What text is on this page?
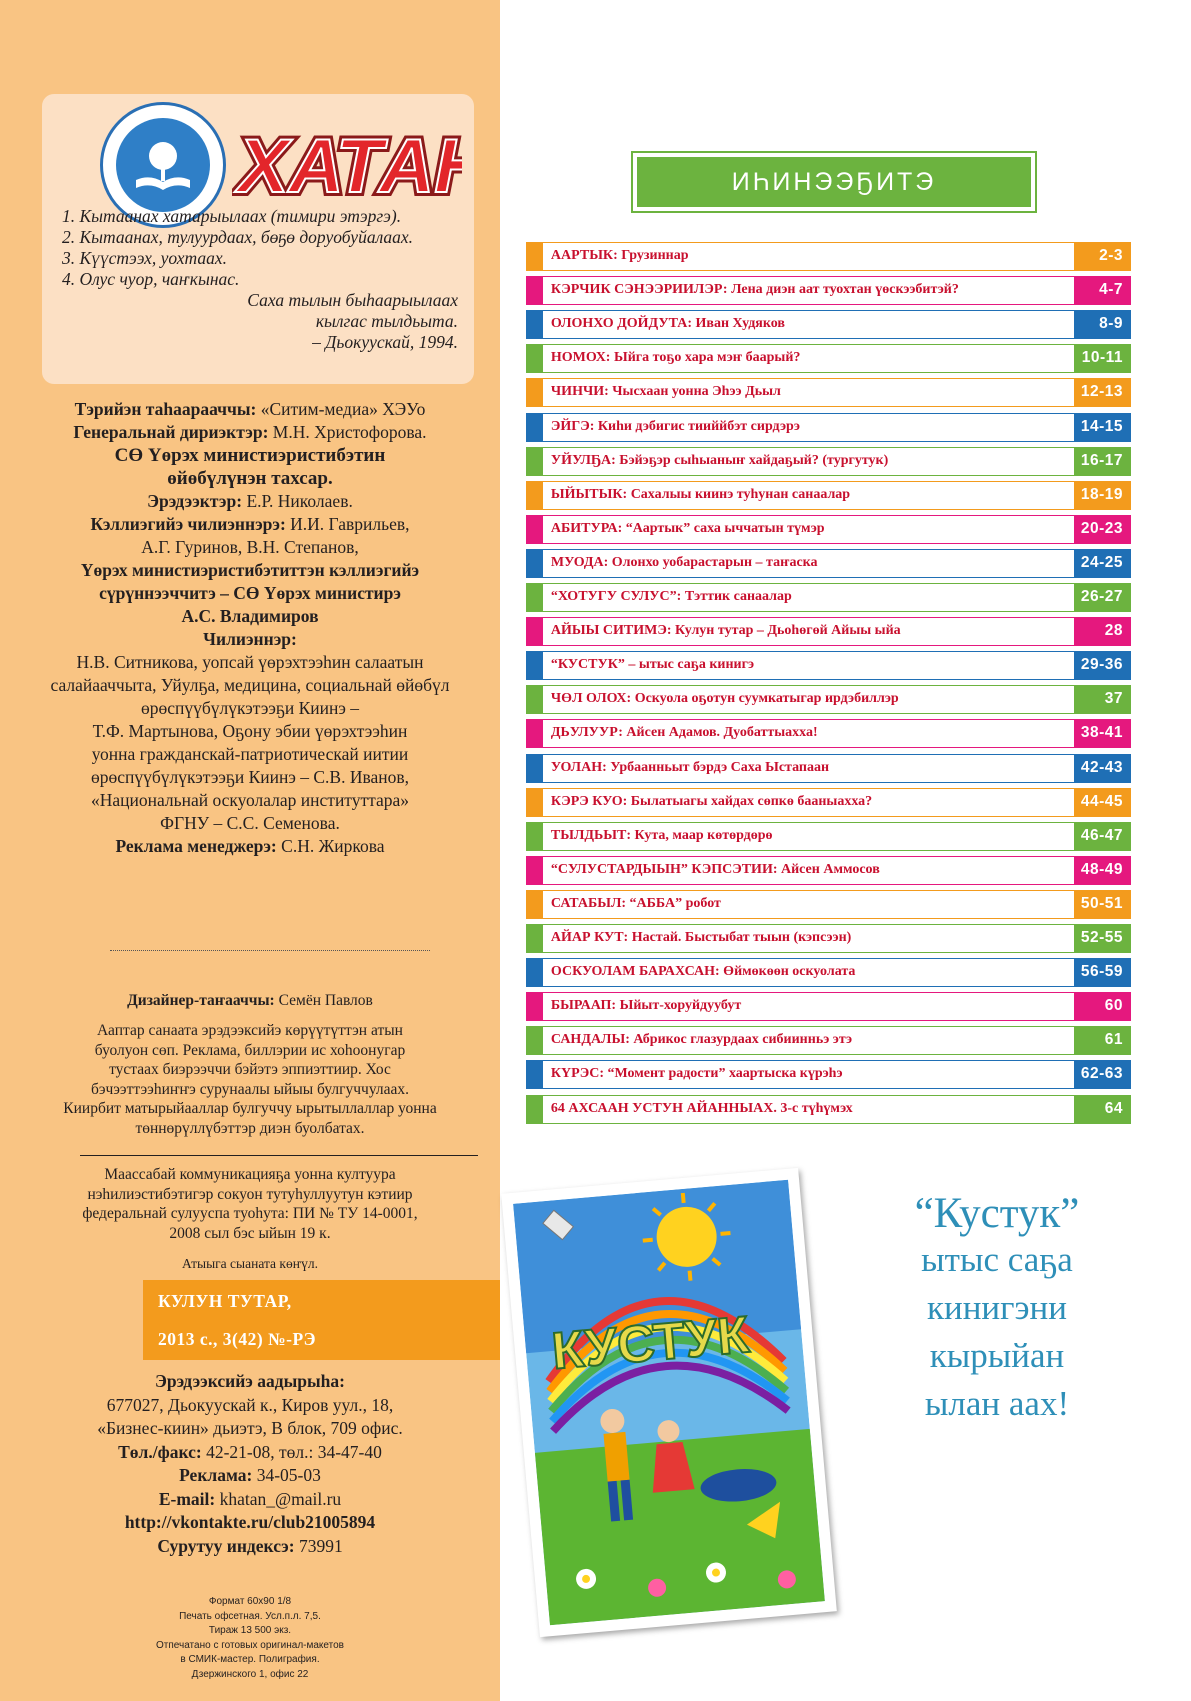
ХАТА
ХАТА
1. Кытаанах хатарыылаах (тимири этэргэ).
2. Кытаанах, тулуурдаах, бөҕө доруобуйалаах.
3. Күүстээх, уохтаах.
4. Олус чуор, чаҥкынас.
Саха тылын быһаарыылаах
кылгас тылдьыта.
– Дьокуускай, 1994.
Тэрийэн таһаарааччы: «Ситим-медиа» ХЭУо
Генеральнай дириэктэр: М.Н. Христофорова.
СӨ Үөрэх министиэристибэтин
өйөбүлүнэн тахсар.
Эрэдээктэр: Е.Р. Николаев.
Кэллиэгийэ чилиэннэрэ: И.И. Гаврильев,
А.Г. Гуринов, В.Н. Степанов,
Үөрэх министиэристибэтиттэн кэллиэгийэ
сүрүннээччитэ – СӨ Үөрэх министирэ
А.С. Владимиров
Чилиэннэр:
Н.В. Ситникова, уопсай үөрэхтээһин салаатын
салайааччыта, Уйулҕа, медицина, социальнай өйөбүл
өрөспүүбүлүкэтээҕи Киинэ –
Т.Ф. Мартынова, Оҕону эбии үөрэхтээһин
уонна гражданскай-патриотическай иитии
өрөспүүбүлүкэтээҕи Киинэ – С.В. Иванов,
«Национальнай оскуолалар институттара»
ФГНУ – С.С. Семенова.
Реклама менеджерэ: С.Н. Жиркова
Дизайнер-таҥааччы: Семён Павлов
Ааптар санаата эрэдээксийэ көрүүтүттэн атын
буолуон сөп. Реклама, биллэрии ис хоһоонугар
тустаах биэрээччи бэйэтэ эппиэттиир. Хос
бэчээттээһиҥҥэ сурунаалы ыйыы булгуччулаах.
Киирбит матырыйааллар булгуччу ырытыллаллар уонна
төннөрүллүбэттэр диэн буолбатах.
Маассабай коммуникацияҕа уонна култуура
нэһилиэстибэтигэр сокуон тутуһуллуутун кэтиир
федеральнай сулууспа туоһута: ПИ № ТУ 14-0001,
2008 сыл бэс ыйын 19 к.
Атыыга сыаната көҥүл.
КУЛУН ТУТАР,
2013 с., 3(42) №-РЭ
Эрэдээксийэ аадырыһа:
677027, Дьокуускай к., Киров уул., 18,
«Бизнес-киин» дьиэтэ, В блок, 709 офис.
Төл./факс: 42-21-08, төл.: 34-47-40
Реклама: 34-05-03
E-mail: khatan_@mail.ru
http://vkontakte.ru/club21005894
Сурутуу индексэ: 73991
Формат 60х90 1/8
Печать офсетная. Усл.п.л. 7,5.
Тираж 13 500 экз.
Отпечатано с готовых оригинал-макетов
в СМИК-мастер. Полиграфия.
Дзержинского 1, офис 22
ИҺИНЭЭҔИТЭ
ААРТЫК: Грузиннар	2-3
КЭРЧИК СЭНЭЭРИИЛЭР: Лена диэн аат туохтан үөскээбитэй?	4-7
ОЛОНХО ДОЙДУТА: Иван Худяков	8-9
НОМОХ: Ыйга тоҕо хара мэҥ баарый?	10-11
ЧИНЧИ: Чысхаан уонна Эһээ Дьыл	12-13
ЭЙГЭ: Киһи дэбигис тииййбэт сирдэрэ	14-15
УЙУЛҔА: Бэйэҕэр сыһыаныҥ хайдаҕый? (тургутук)	16-17
ЫЙЫТЫК: Сахалыы киинэ туһунан санаалар	18-19
АБИТУРА: “Аартык” саха ыччатын түмэр	20-23
МУОДА: Олонхо уобарастарын – таҥаска	24-25
“ХОТУГУ СУЛУС”: Тэттик санаалар	26-27
АЙЫЫ СИТИМЭ: Кулун тутар – Дьоһөгөй Айыы ыйа	28
“КУСТУК” – ытыс саҕа кинигэ	29-36
ЧӨЛ ОЛОХ: Оскуола оҕотун суумкатыгар ирдэбиллэр	37
ДЬУЛУУР: Айсен Адамов. Дуобаттыахха!	38-41
УОЛАН: Урбаанньыт бэрдэ Саха Ыстапаан	42-43
КЭРЭ КУО: Былатыагы хайдах сөпкө бааныахха?	44-45
ТЫЛДЬЫТ: Кута, маар көтөрдөрө	46-47
“СУЛУСТАРДЫЫН” КЭПСЭТИИ: Айсен Аммосов	48-49
САТАБЫЛ: “АББА” робот	50-51
АЙАР КУТ: Настай. Быстыбат тыын (кэпсээн)	52-55
ОСКУОЛАМ БАРАХСАН: Өймөкөөн оскуолата	56-59
БЫРААП: Ыйыт-хоруйдуубут	60
САНДАЛЫ: Абрикос глазурдаах сибиинньэ этэ	61
КҮРЭС: “Момент радости” хаартыска күрэһэ	62-63
64 АХСААН УСТУН АЙАННЫАХ. 3-с түһүмэх	64
КУСТУК
“Кустук”
ытыс саҕа
кинигэни
кырыйан
ылан аах!
